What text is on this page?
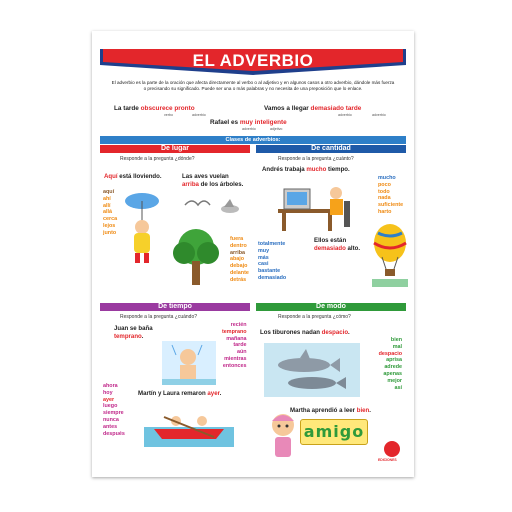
EL ADVERBIO
El adverbio es la parte de la oración que afecta directamente al verbo o al adjetivo y en algunos casos a otro adverbio, dándole más fuerza o precisando su significado. Puede ser una o más palabras y no necesita de una preposición que lo enlace.
La tarde obscurece pronto
verbo	adverbio
Vamos a llegar demasiado tarde
adverbio	adverbio
Rafael es muy inteligente
adverbio	adjetivo
Clases de adverbios:
De lugar	De cantidad
De tiempo	De modo
Responde a la pregunta ¿dónde?	Responde a la pregunta ¿cuánto?
Responde a la pregunta ¿cuándo?	Responde a la pregunta ¿cómo?
Aquí está lloviendo.	Las aves vuelan
arriba de los árboles.
aquí
ahí
allí
allá
cerca
lejos
junto
fuera
dentro
arriba
abajo
debajo
delante
detrás
Andrés trabaja mucho tiempo.
mucho
poco
todo
nada
suficiente
harto
Ellos están
demasiado alto.
totalmente
muy
más
casi
bastante
demasiado
Juan se baña
temprano.
recién
temprano
mañana
tarde
aún
mientras
entonces
ahora
hoy
ayer
luego
siempre
nunca
antes
después
Martín y Laura remaron ayer.
Los tiburones nadan despacio.
bien
mal
despacio
aprisa
adrede
apenas
mejor
así
Martha aprendió a leer bien.
amigo
EDICIONES
